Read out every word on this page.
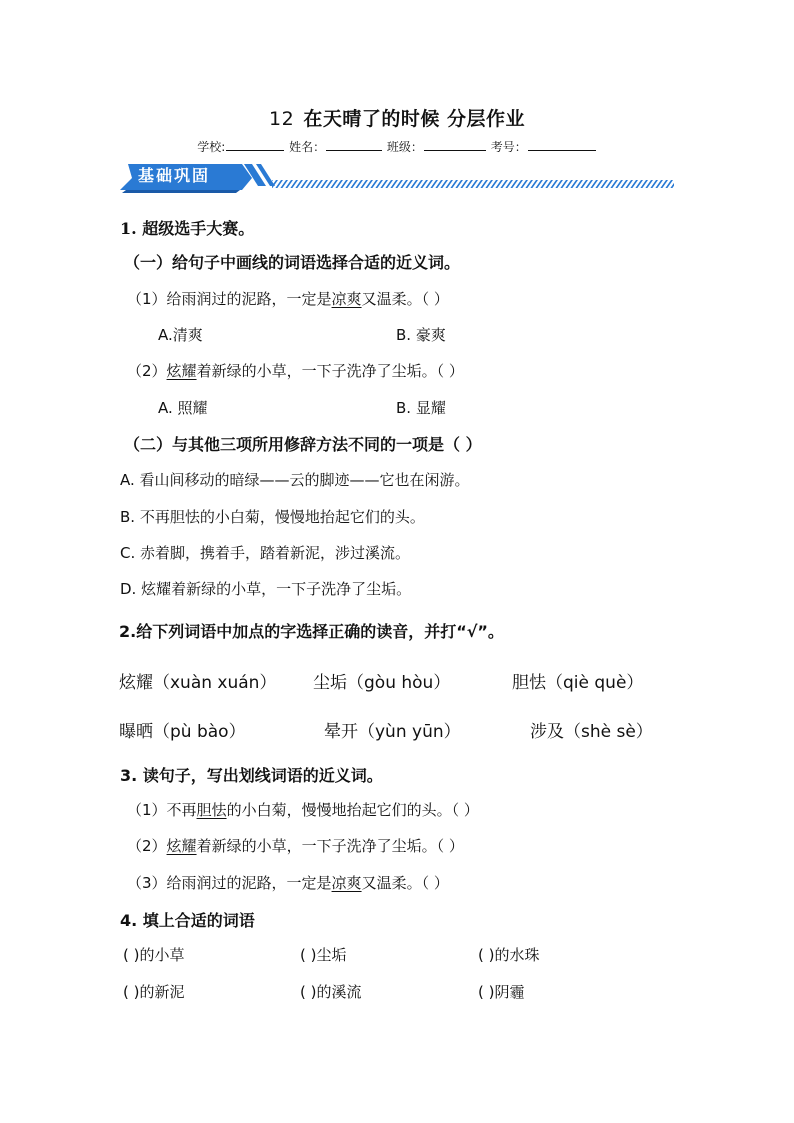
12 在天晴了的时候 分层作业
学校:	姓名：	班级：	考号：
基础巩固
1. 超级选手大赛。
（一）给句子中画线的词语选择合适的近义词。
（1）给雨润过的泥路，一定是凉爽又温柔。（ ）
A.清爽	B. 豪爽
（2）炫耀着新绿的小草，一下子洗净了尘垢。（ ）
A. 照耀	B. 显耀
（二）与其他三项所用修辞方法不同的一项是（ ）
A. 看山间移动的暗绿——云的脚迹——它也在闲游。
B. 不再胆怯的小白菊，慢慢地抬起它们的头。
C. 赤着脚，携着手，踏着新泥，涉过溪流。
D. 炫耀着新绿的小草，一下子洗净了尘垢。
2.给下列词语中加点的字选择正确的读音，并打“√”。
炫耀（xuàn xuán） 尘垢（gòu hòu）	胆怯（qiè què）
曝晒（pù bào）	晕开（yùn yūn）	涉及（shè sè）
3. 读句子，写出划线词语的近义词。
（1）不再胆怯的小白菊，慢慢地抬起它们的头。（ ）
（2）炫耀着新绿的小草，一下子洗净了尘垢。（ ）
（3）给雨润过的泥路，一定是凉爽又温柔。（ ）
4. 填上合适的词语
( )的小草	( )尘垢	( )的水珠
( )的新泥	( )的溪流	( )阴霾
